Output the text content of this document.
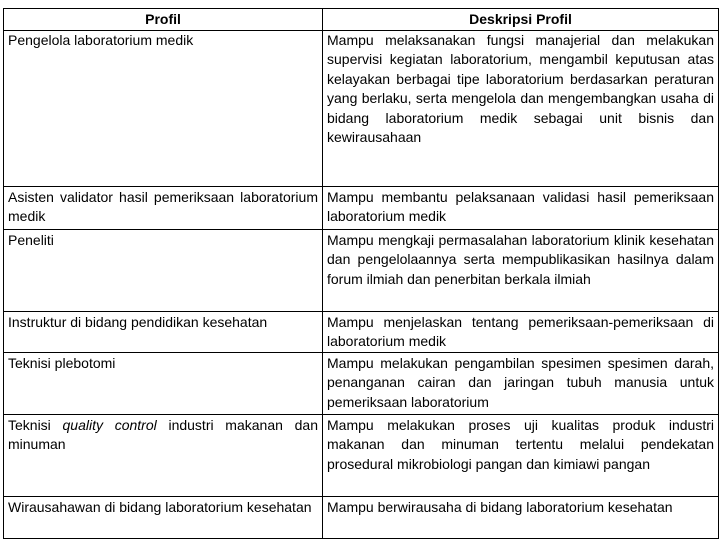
Profil	Deskripsi Profil
Pengelola laboratorium medik	Mampu melaksanakan fungsi manajerial dan melakukan supervisi kegiatan laboratorium, mengambil keputusan atas kelayakan berbagai tipe laboratorium berdasarkan peraturan yang berlaku, serta mengelola dan mengembangkan usaha di bidang laboratorium medik sebagai unit bisnis dan kewirausahaan
Asisten validator hasil pemeriksaan laboratorium medik	Mampu membantu pelaksanaan validasi hasil pemeriksaan laboratorium medik
Peneliti	Mampu mengkaji permasalahan laboratorium klinik kesehatan dan pengelolaannya serta mempublikasikan hasilnya dalam forum ilmiah dan penerbitan berkala ilmiah
Instruktur di bidang pendidikan kesehatan	Mampu menjelaskan tentang pemeriksaan-pemeriksaan di laboratorium medik
Teknisi plebotomi	Mampu melakukan pengambilan spesimen spesimen darah, penanganan cairan dan jaringan tubuh manusia untuk pemeriksaan laboratorium
Teknisi quality control industri makanan dan minuman	Mampu melakukan proses uji kualitas produk industri makanan dan minuman tertentu melalui pendekatan prosedural mikrobiologi pangan dan kimiawi pangan
Wirausahawan di bidang laboratorium kesehatan	Mampu berwirausaha di bidang laboratorium kesehatan
